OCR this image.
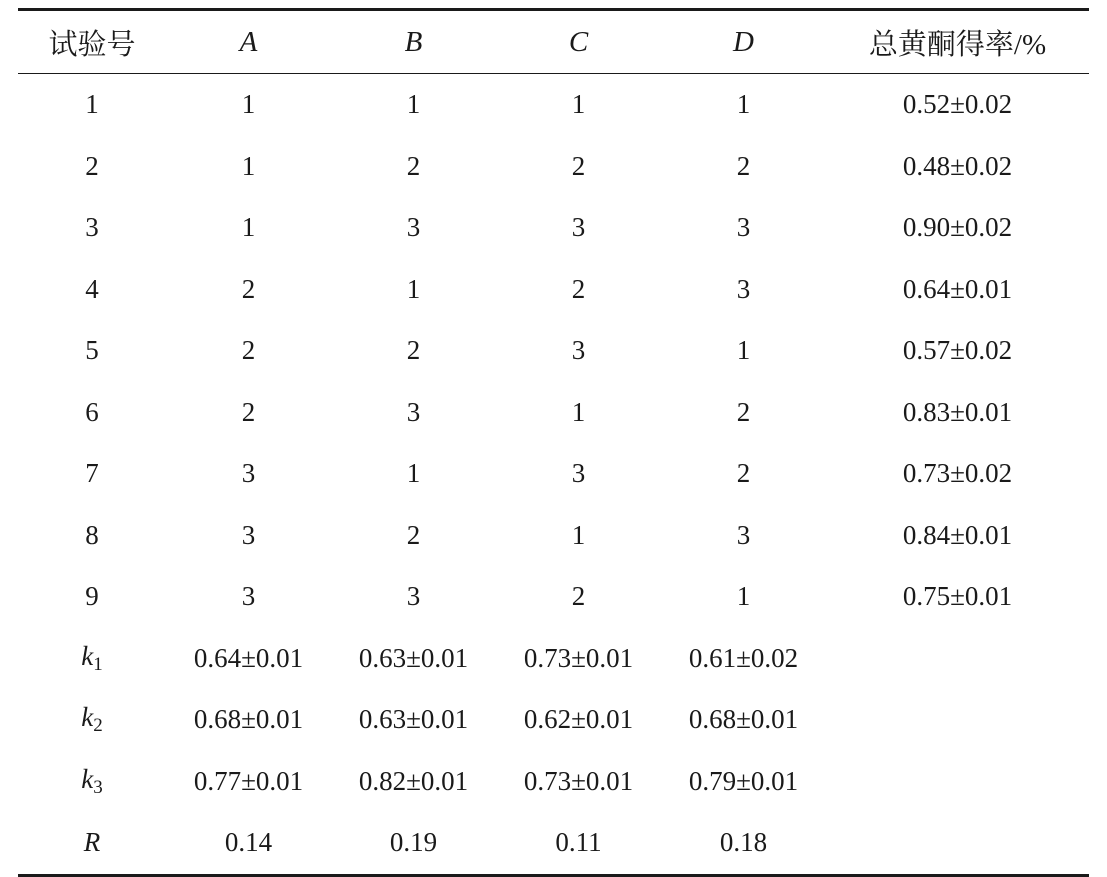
试验号	A	B	C	D	总黄酮得率/%
1	1	1	1	1	0.52±0.02
2	1	2	2	2	0.48±0.02
3	1	3	3	3	0.90±0.02
4	2	1	2	3	0.64±0.01
5	2	2	3	1	0.57±0.02
6	2	3	1	2	0.83±0.01
7	3	1	3	2	0.73±0.02
8	3	2	1	3	0.84±0.01
9	3	3	2	1	0.75±0.01
$k_1$	0.64±0.01	0.63±0.01	0.73±0.01	0.61±0.02	
$k_2$	0.68±0.01	0.63±0.01	0.62±0.01	0.68±0.01	
$k_3$	0.77±0.01	0.82±0.01	0.73±0.01	0.79±0.01	
R	0.14	0.19	0.11	0.18	
